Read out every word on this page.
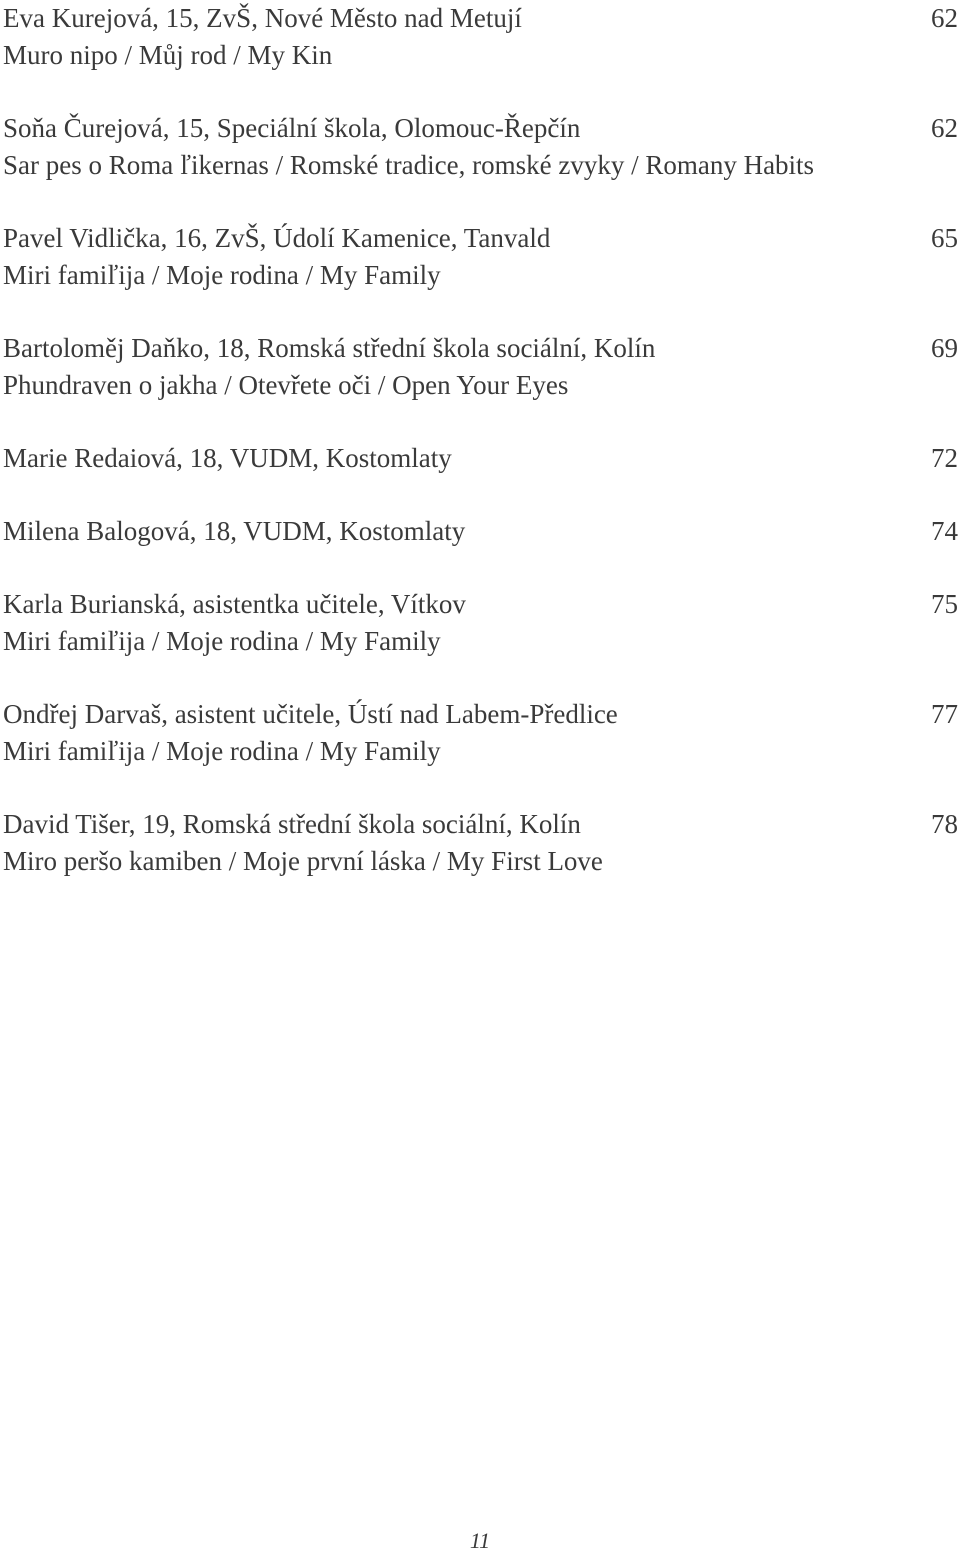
Eva Kurejová, 15, ZvŠ, Nové Město nad Metují	62
Muro nipo / Můj rod / My Kin
Soňa Čurejová, 15, Speciální škola, Olomouc-Řepčín	62
Sar pes o Roma ľikernas / Romské tradice, romské zvyky / Romany Habits
Pavel Vidlička, 16, ZvŠ, Údolí Kamenice, Tanvald	65
Miri famiľija / Moje rodina / My Family
Bartoloměj Daňko, 18, Romská střední škola sociální, Kolín	69
Phundraven o jakha / Otevřete oči / Open Your Eyes
Marie Redaiová, 18, VUDM, Kostomlaty	72
Milena Balogová, 18, VUDM, Kostomlaty	74
Karla Burianská, asistentka učitele, Vítkov	75
Miri famiľija / Moje rodina / My Family
Ondřej Darvaš, asistent učitele, Ústí nad Labem-Předlice	77
Miri famiľija / Moje rodina / My Family
David Tišer, 19, Romská střední škola sociální, Kolín	78
Miro peršo kamiben / Moje první láska / My First Love
11
